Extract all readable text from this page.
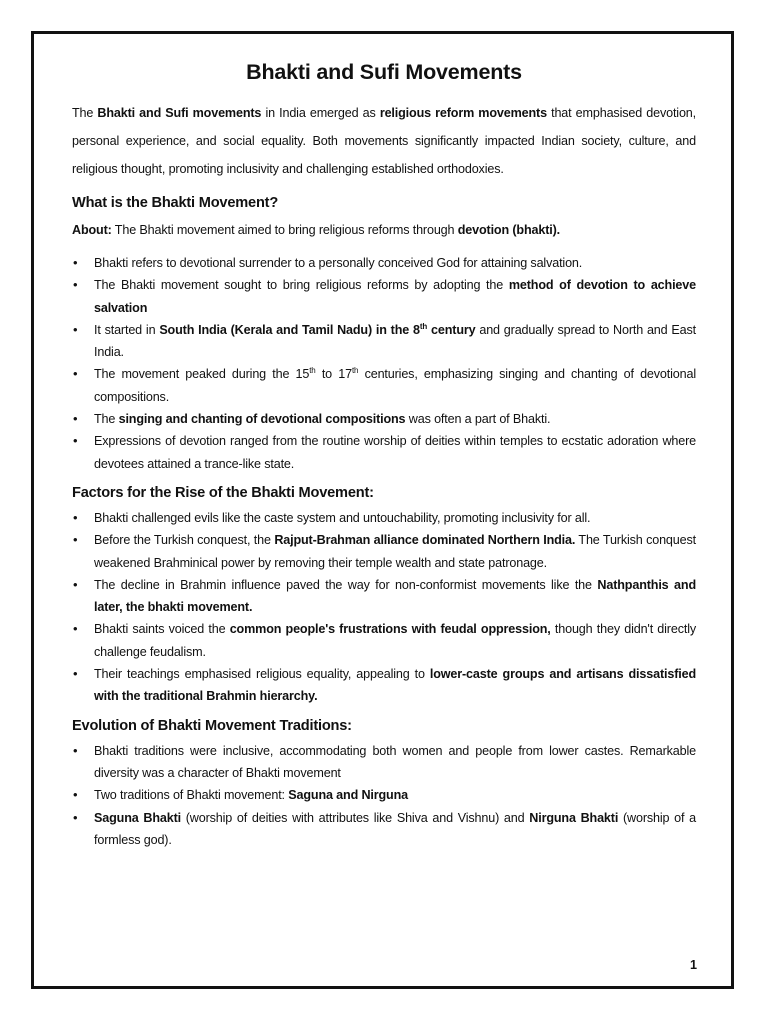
Bhakti and Sufi Movements

The Bhakti and Sufi movements in India emerged as religious reform movements that emphasised devotion, personal experience, and social equality. Both movements significantly impacted Indian society, culture, and religious thought, promoting inclusivity and challenging established orthodoxies.

What is the Bhakti Movement?

About: The Bhakti movement aimed to bring religious reforms through devotion (bhakti).

• Bhakti refers to devotional surrender to a personally conceived God for attaining salvation.
• The Bhakti movement sought to bring religious reforms by adopting the method of devotion to achieve salvation
• It started in South India (Kerala and Tamil Nadu) in the 8th century and gradually spread to North and East India.
• The movement peaked during the 15th to 17th centuries, emphasizing singing and chanting of devotional compositions.
• The singing and chanting of devotional compositions was often a part of Bhakti.
• Expressions of devotion ranged from the routine worship of deities within temples to ecstatic adoration where devotees attained a trance-like state.
Factors for the Rise of the Bhakti Movement:
• Bhakti challenged evils like the caste system and untouchability, promoting inclusivity for all.
• Before the Turkish conquest, the Rajput-Brahman alliance dominated Northern India. The Turkish conquest weakened Brahminical power by removing their temple wealth and state patronage.
• The decline in Brahmin influence paved the way for non-conformist movements like the Nathpanthis and later, the bhakti movement.
• Bhakti saints voiced the common people's frustrations with feudal oppression, though they didn't directly challenge feudalism.
• Their teachings emphasised religious equality, appealing to lower-caste groups and artisans dissatisfied with the traditional Brahmin hierarchy.
Evolution of Bhakti Movement Traditions:
• Bhakti traditions were inclusive, accommodating both women and people from lower castes. Remarkable diversity was a character of Bhakti movement
• Two traditions of Bhakti movement: Saguna and Nirguna
• Saguna Bhakti (worship of deities with attributes like Shiva and Vishnu) and Nirguna Bhakti (worship of a formless god).
1
